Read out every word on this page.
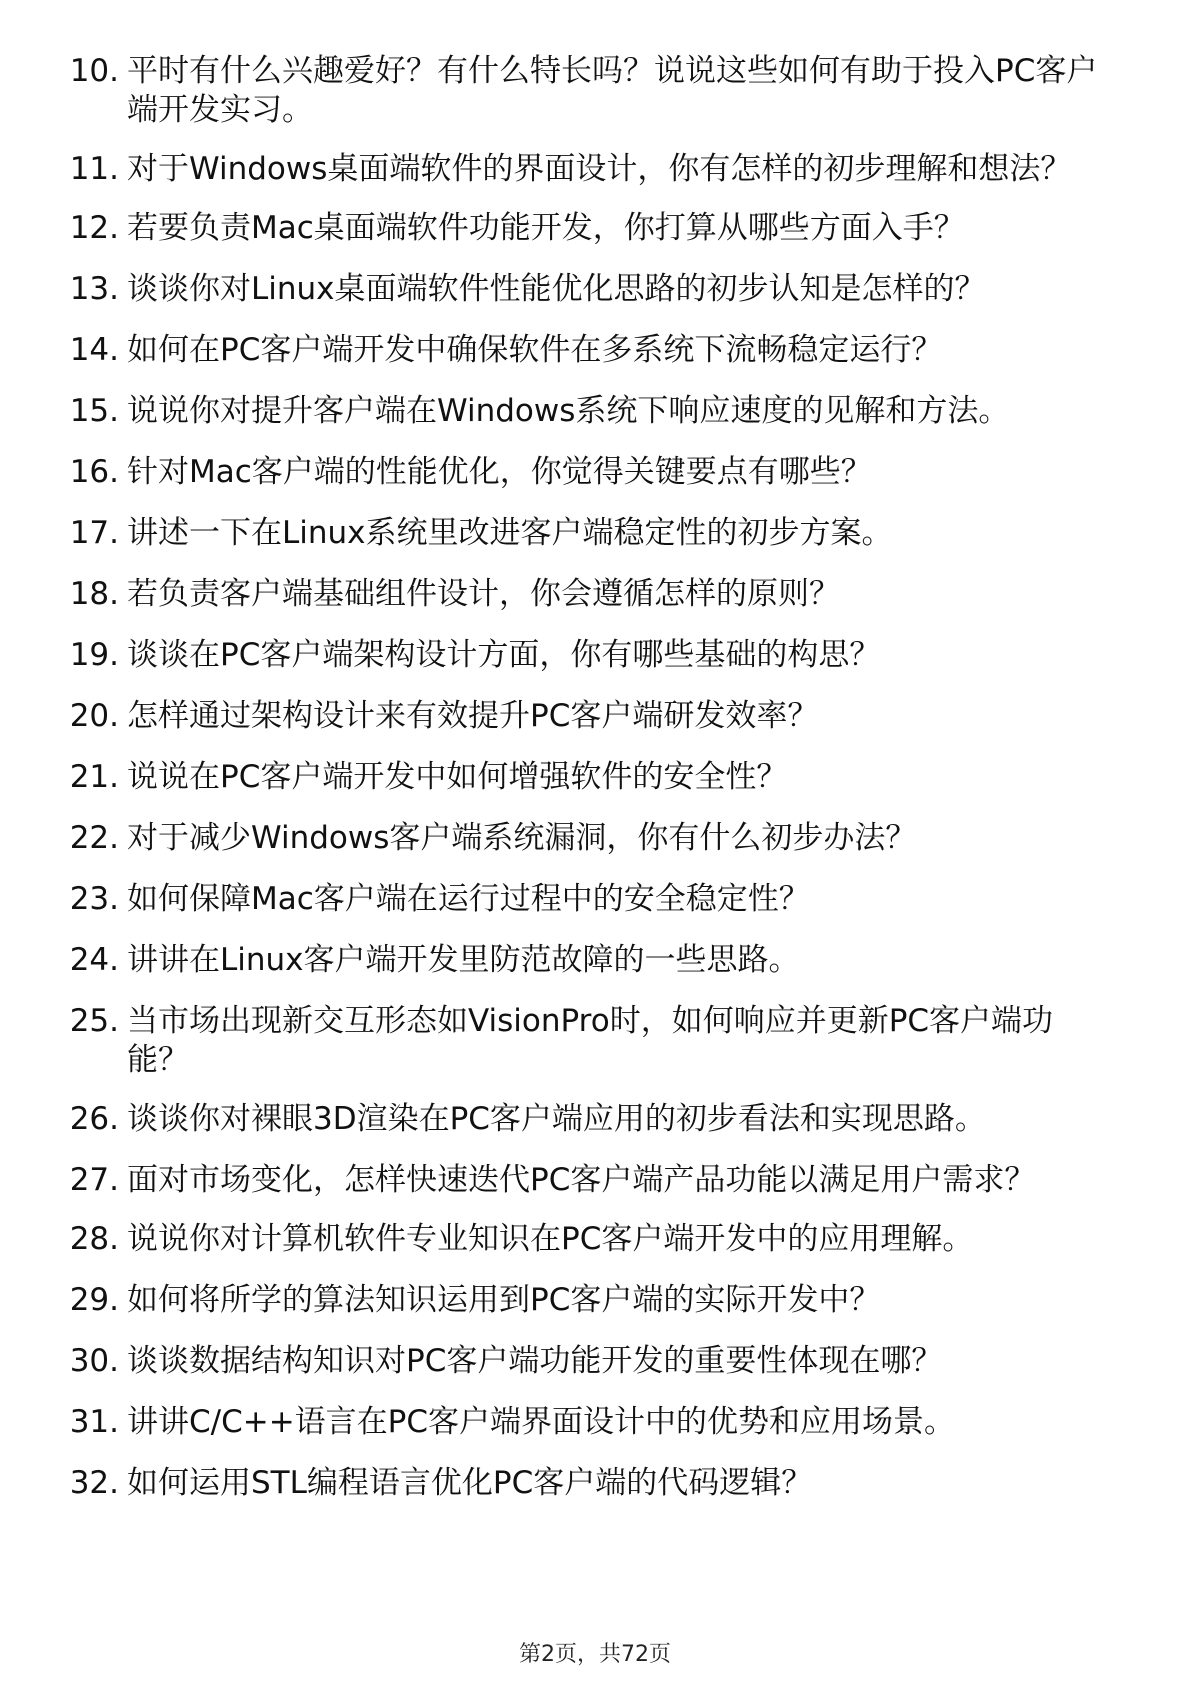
10. 平时有什么兴趣爱好？有什么特长吗？说说这些如何有助于投入PC客户端开发实习。
11. 对于Windows桌面端软件的界面设计，你有怎样的初步理解和想法？
12. 若要负责Mac桌面端软件功能开发，你打算从哪些方面入手？
13. 谈谈你对Linux桌面端软件性能优化思路的初步认知是怎样的？
14. 如何在PC客户端开发中确保软件在多系统下流畅稳定运行？
15. 说说你对提升客户端在Windows系统下响应速度的见解和方法。
16. 针对Mac客户端的性能优化，你觉得关键要点有哪些？
17. 讲述一下在Linux系统里改进客户端稳定性的初步方案。
18. 若负责客户端基础组件设计，你会遵循怎样的原则？
19. 谈谈在PC客户端架构设计方面，你有哪些基础的构思？
20. 怎样通过架构设计来有效提升PC客户端研发效率？
21. 说说在PC客户端开发中如何增强软件的安全性？
22. 对于减少Windows客户端系统漏洞，你有什么初步办法？
23. 如何保障Mac客户端在运行过程中的安全稳定性？
24. 讲讲在Linux客户端开发里防范故障的一些思路。
25. 当市场出现新交互形态如VisionPro时，如何响应并更新PC客户端功能？
26. 谈谈你对裸眼3D渲染在PC客户端应用的初步看法和实现思路。
27. 面对市场变化，怎样快速迭代PC客户端产品功能以满足用户需求？
28. 说说你对计算机软件专业知识在PC客户端开发中的应用理解。
29. 如何将所学的算法知识运用到PC客户端的实际开发中？
30. 谈谈数据结构知识对PC客户端功能开发的重要性体现在哪？
31. 讲讲C/C++语言在PC客户端界面设计中的优势和应用场景。
32. 如何运用STL编程语言优化PC客户端的代码逻辑？
第2页，共72页
